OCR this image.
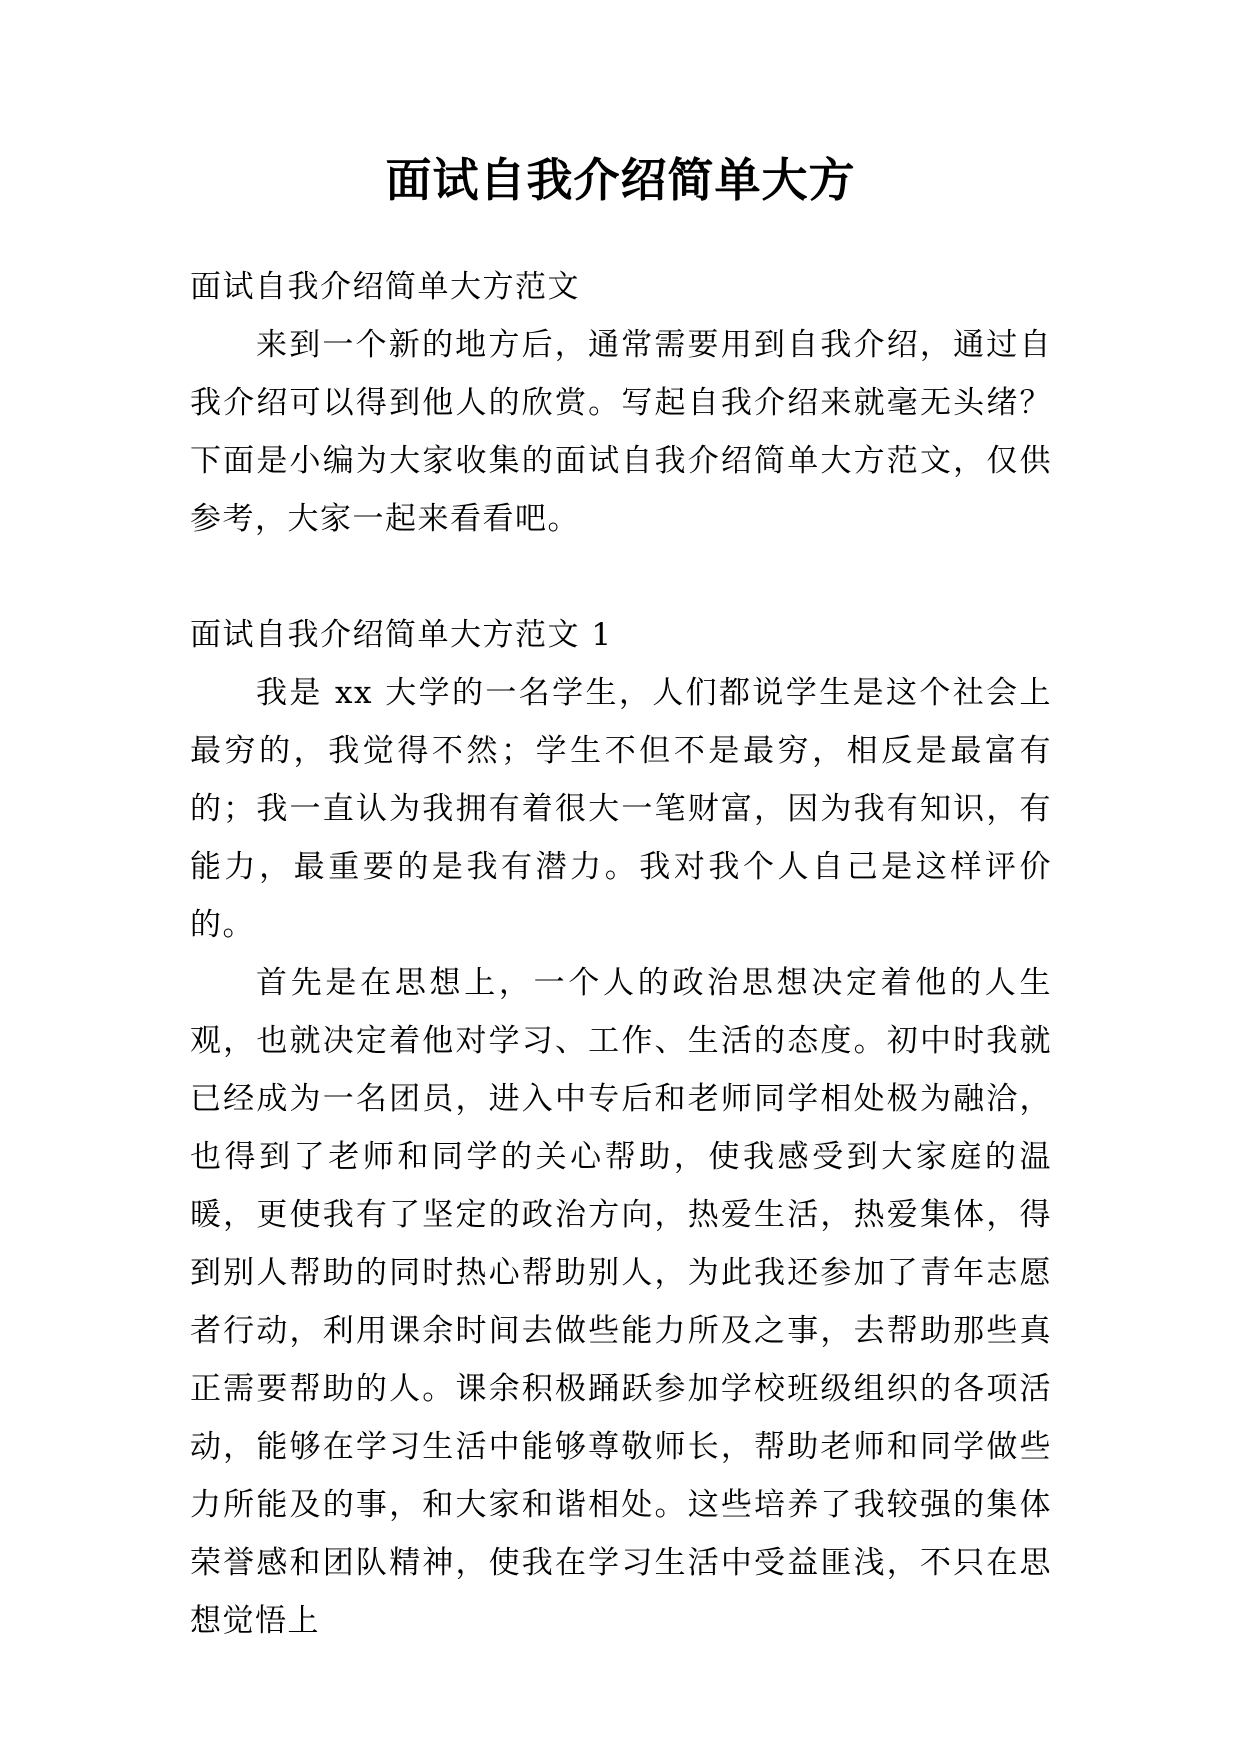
面试自我介绍简单大方

面试自我介绍简单大方范文

来到一个新的地方后，通常需要用到自我介绍，通过自我介绍可以得到他人的欣赏。写起自我介绍来就毫无头绪？下面是小编为大家收集的面试自我介绍简单大方范文，仅供参考，大家一起来看看吧。

面试自我介绍简单大方范文 1

我是 xx 大学的一名学生，人们都说学生是这个社会上最穷的，我觉得不然；学生不但不是最穷，相反是最富有的；我一直认为我拥有着很大一笔财富，因为我有知识，有能力，最重要的是我有潜力。我对我个人自己是这样评价的。

首先是在思想上，一个人的政治思想决定着他的人生观，也就决定着他对学习、工作、生活的态度。初中时我就已经成为一名团员，进入中专后和老师同学相处极为融洽，也得到了老师和同学的关心帮助，使我感受到大家庭的温暖，更使我有了坚定的政治方向，热爱生活，热爱集体，得到别人帮助的同时热心帮助别人，为此我还参加了青年志愿者行动，利用课余时间去做些能力所及之事，去帮助那些真正需要帮助的人。课余积极踊跃参加学校班级组织的各项活动，能够在学习生活中能够尊敬师长，帮助老师和同学做些力所能及的事，和大家和谐相处。这些培养了我较强的集体荣誉感和团队精神，使我在学习生活中受益匪浅，不只在思想觉悟上
